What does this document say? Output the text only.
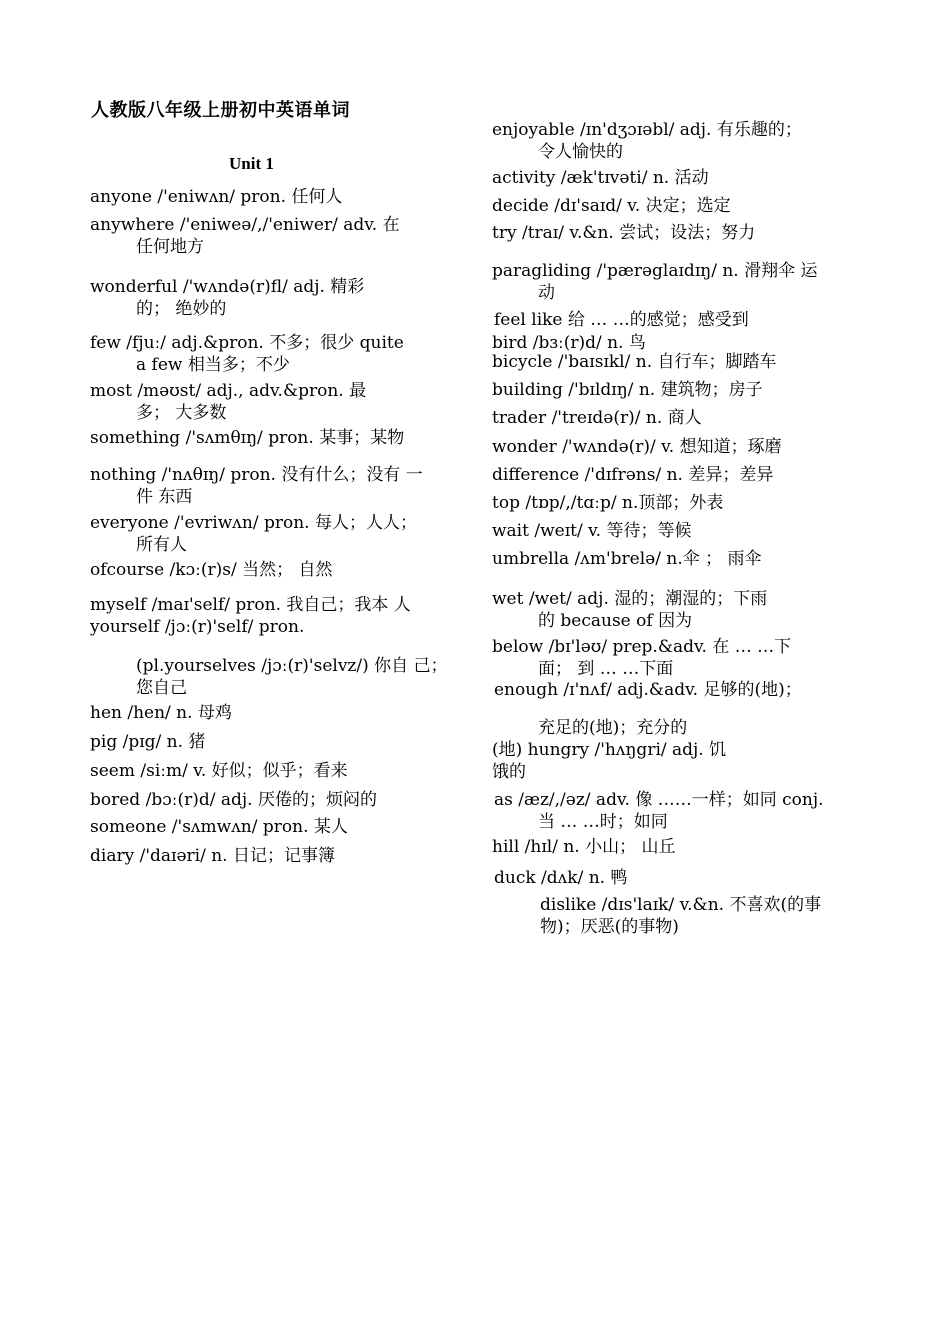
人教版八年级上册初中英语单词
Unit 1
anyone /'eniwʌn/ pron. 任何人
anywhere /'eniweə/,/'eniwer/ adv. 在
任何地方
wonderful /'wʌndə(r)fl/ adj. 精彩
的； 绝妙的
few /fjuː/ adj.&pron. 不多；很少 quite
a few 相当多；不少
most /məʊst/ adj., adv.&pron. 最
多； 大多数
something /'sʌmθɪŋ/ pron. 某事；某物
nothing /'nʌθɪŋ/ pron. 没有什么；没有 一
件 东西
everyone /'evriwʌn/ pron. 每人；人人；
所有人
ofcourse /kɔː(r)s/ 当然； 自然
myself /maɪ'self/ pron. 我自己；我本 人
yourself /jɔː(r)'self/ pron.
(pl.yourselves /jɔː(r)'selvz/) 你自 己；
您自己
hen /hen/ n. 母鸡
pig /pɪg/ n. 猪
seem /siːm/ v. 好似；似乎；看来
bored /bɔː(r)d/ adj. 厌倦的；烦闷的
someone /'sʌmwʌn/ pron. 某人
diary /'daɪəri/ n. 日记；记事簿
enjoyable /ɪn'dʒɔɪəbl/ adj. 有乐趣的；
令人愉快的
activity /æk'tɪvəti/ n. 活动
decide /dɪ'saɪd/ v. 决定；选定
try /traɪ/ v.&n. 尝试；设法；努力
paragliding /'pærəglaɪdɪŋ/ n. 滑翔伞 运
动
feel like 给 … …的感觉；感受到
bird /bɜː(r)d/ n. 鸟
bicycle /'baɪsɪkl/ n. 自行车；脚踏车
building /'bɪldɪŋ/ n. 建筑物；房子
trader /'treɪdə(r)/ n. 商人
wonder /'wʌndə(r)/ v. 想知道；琢磨
difference /'dɪfrəns/ n. 差异；差异
top /tɒp/,/tɑːp/ n.顶部；外表
wait /weɪt/ v. 等待；等候
umbrella /ʌm'brelə/ n.伞 ； 雨伞
wet /wet/ adj. 湿的；潮湿的；下雨
的 because of 因为
below /bɪ'ləʊ/ prep.&adv. 在 … …下
面； 到 … …下面
enough /ɪ'nʌf/ adj.&adv. 足够的(地)；
充足的(地)；充分的
(地) hungry /'hʌŋgri/ adj. 饥
饿的
as /æz/,/əz/ adv. 像 ……一样；如同 conj.
当 … …时；如同
hill /hɪl/ n. 小山； 山丘
duck /dʌk/ n. 鸭
dislike /dɪs'laɪk/ v.&n. 不喜欢(的事
物)；厌恶(的事物)
